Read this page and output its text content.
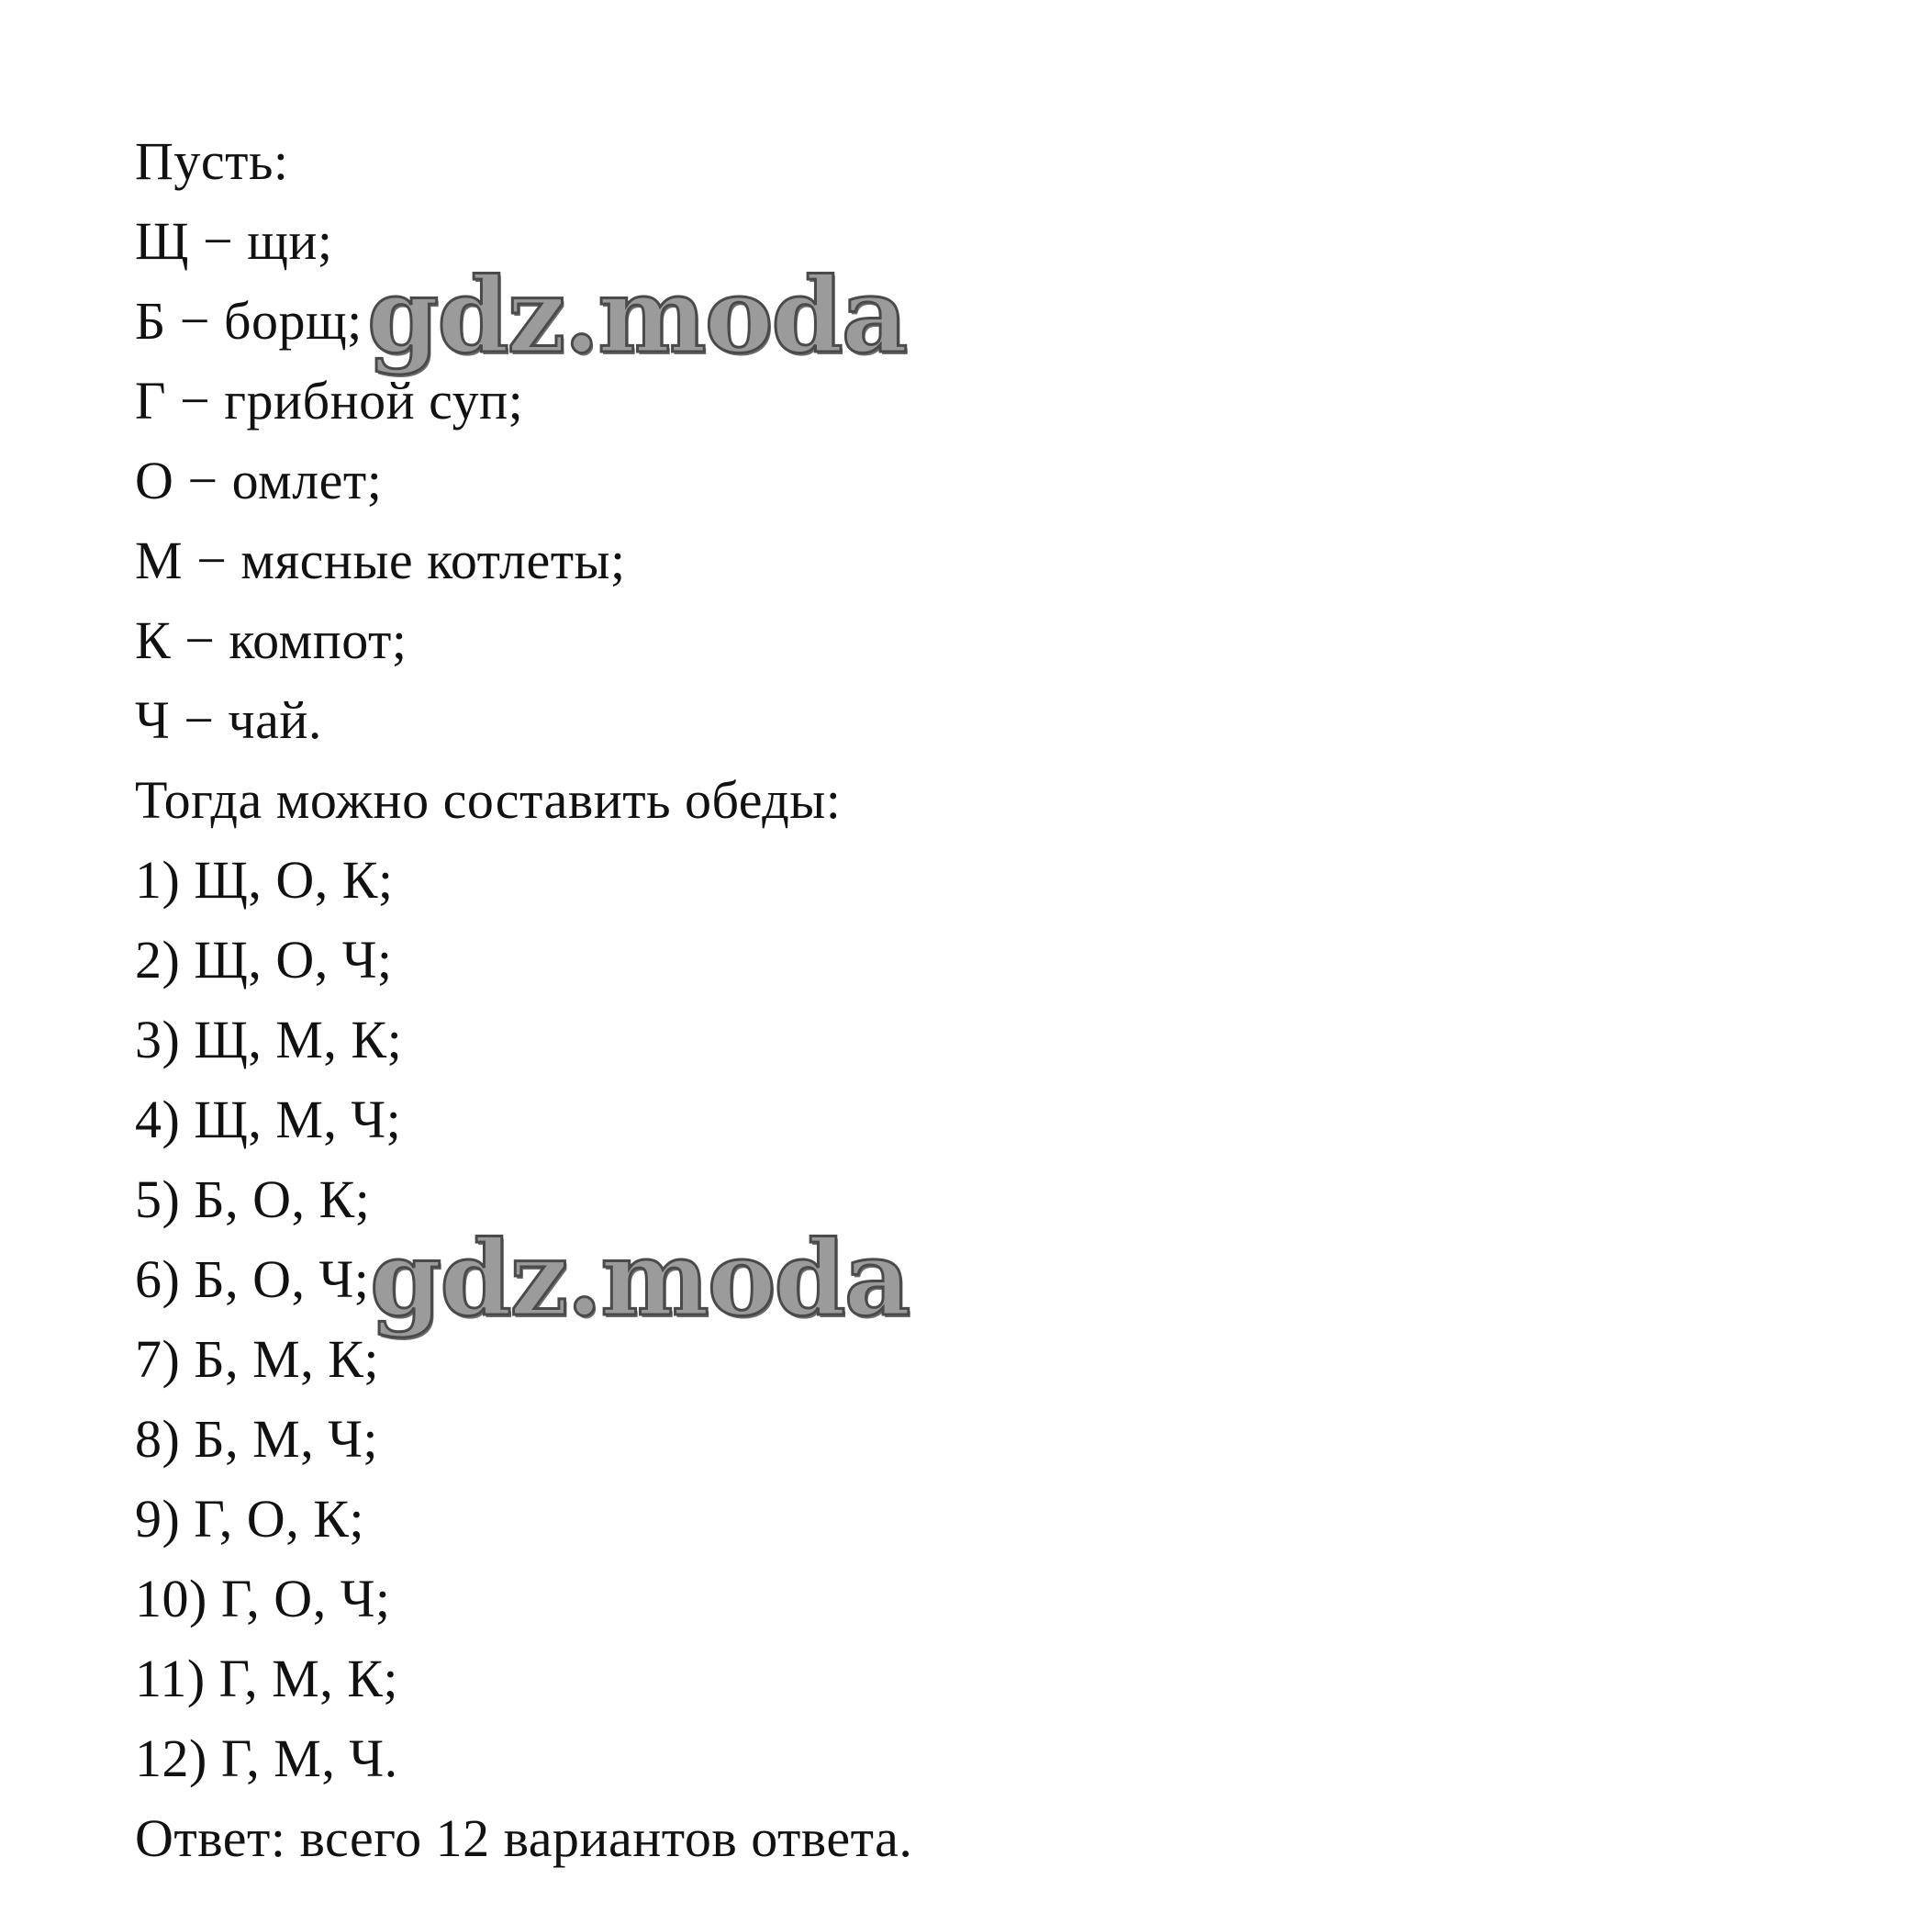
Пусть:
Щ − щи;
Б − борщ;
Г − грибной суп;
О − омлет;
М − мясные котлеты;
К − компот;
Ч − чай.
Тогда можно составить обеды:
1) Щ, О, К;
2) Щ, О, Ч;
3) Щ, М, К;
4) Щ, М, Ч;
5) Б, О, К;
6) Б, О, Ч;
7) Б, М, К;
8) Б, М, Ч;
9) Г, О, К;
10) Г, О, Ч;
11) Г, М, К;
12) Г, М, Ч.
Ответ: всего 12 вариантов ответа.
gdz.moda
gdz.moda
